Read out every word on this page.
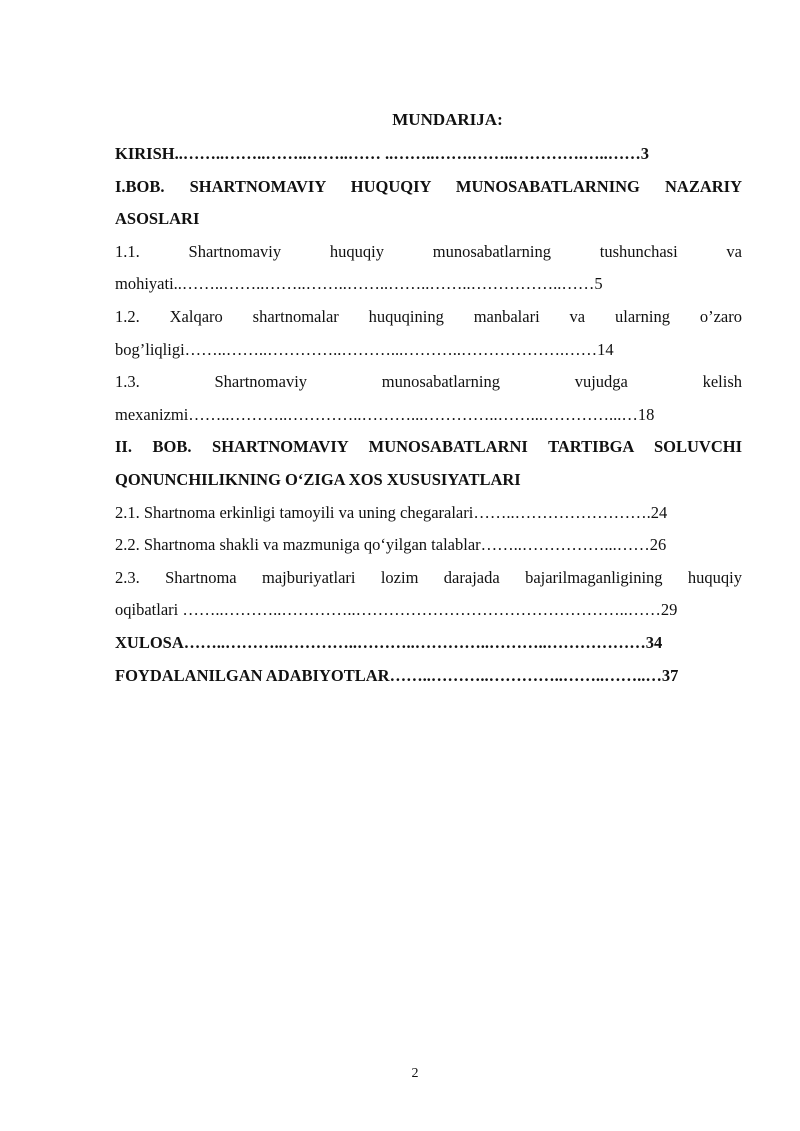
MUNDARIJA:
KIRISH..……..……..……..……..…… ..……..…….……..………….…..……3
I.BOB. SHARTNOMAVIY HUQUQIY MUNOSABATLARNING NAZARIY
ASOSLARI
1.1. Shartnomaviy huquqiy munosabatlarning tushunchasi va
mohiyati..……..……..……..……..……..……..……..……………..……5
1.2. Xalqaro shartnomalar huquqining manbalari va ularning o’zaro
bog’liqligi……..……..…………..………...………..……………….……14
1.3. Shartnomaviy munosabatlarning vujudga kelish
mexanizmi……..………..…………..………...…………..……...…………...…18
II. BOB. SHARTNOMAVIY MUNOSABATLARNI TARTIBGA SOLUVCHI
QONUNCHILIKNING O‘ZIGA XOS XUSUSIYATLARI
2.1. Shartnoma erkinligi tamoyili va uning chegaralari……..…………………….24
2.2. Shartnoma shakli va mazmuniga qo‘yilgan talablar……..……………...……26
2.3. Shartnoma majburiyatlari lozim darajada bajarilmaganligining huquqiy
oqibatlari ……..………..…………..…………………………………………..……29
XULOSA……..………..…………..………..…………..………..………………34
FOYDALANILGAN ADABIYOTLAR……..………..…………..……..……..…37
2
